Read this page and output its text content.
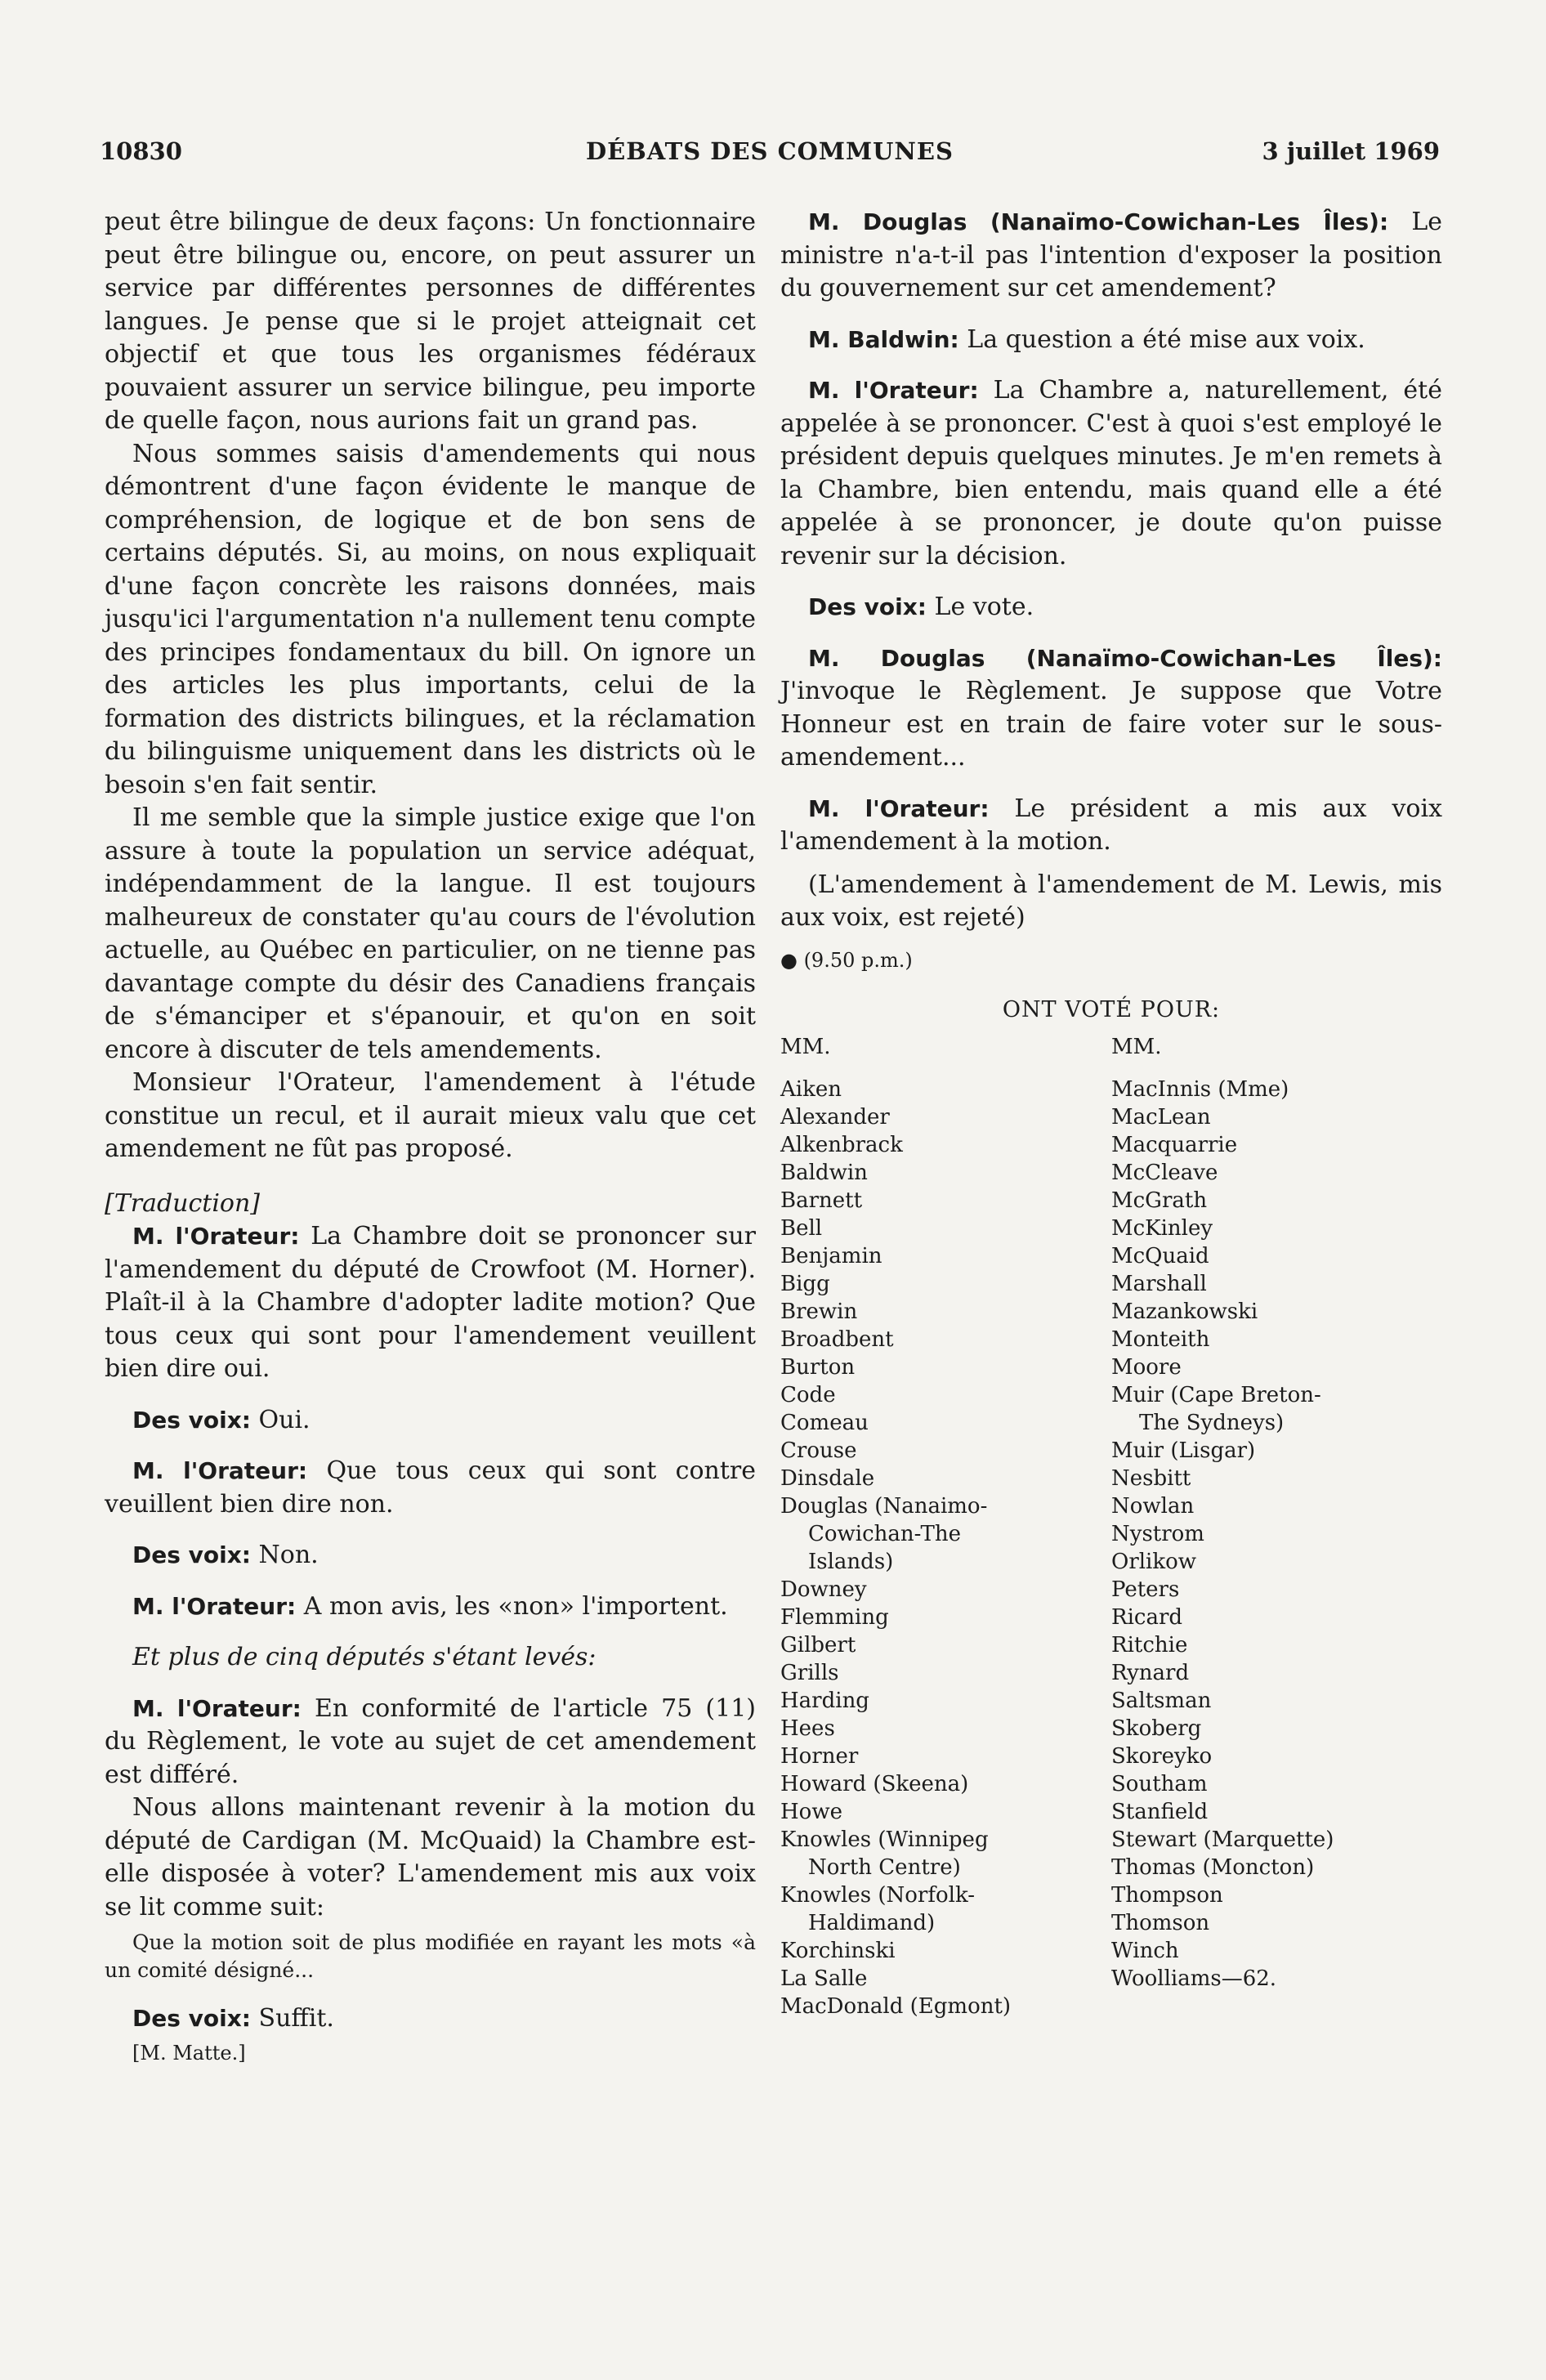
10830	DÉBATS DES COMMUNES	3 juillet 1969

peut être bilingue de deux façons: Un fonctionnaire peut être bilingue ou, encore, on peut assurer un service par différentes personnes de différentes langues. Je pense que si le projet atteignait cet objectif et que tous les organismes fédéraux pouvaient assurer un service bilingue, peu importe de quelle façon, nous aurions fait un grand pas.

Nous sommes saisis d'amendements qui nous démontrent d'une façon évidente le manque de compréhension, de logique et de bon sens de certains députés. Si, au moins, on nous expliquait d'une façon concrète les raisons données, mais jusqu'ici l'argumentation n'a nullement tenu compte des principes fondamentaux du bill. On ignore un des articles les plus importants, celui de la formation des districts bilingues, et la réclamation du bilinguisme uniquement dans les districts où le besoin s'en fait sentir.

Il me semble que la simple justice exige que l'on assure à toute la population un service adéquat, indépendamment de la langue. Il est toujours malheureux de constater qu'au cours de l'évolution actuelle, au Québec en particulier, on ne tienne pas davantage compte du désir des Canadiens français de s'émanciper et s'épanouir, et qu'on en soit encore à discuter de tels amendements.

Monsieur l'Orateur, l'amendement à l'étude constitue un recul, et il aurait mieux valu que cet amendement ne fût pas proposé.

[Traduction]

M. l'Orateur: La Chambre doit se prononcer sur l'amendement du député de Crowfoot (M. Horner). Plaît-il à la Chambre d'adopter ladite motion? Que tous ceux qui sont pour l'amendement veuillent bien dire oui.

Des voix: Oui.

M. l'Orateur: Que tous ceux qui sont contre veuillent bien dire non.

Des voix: Non.

M. l'Orateur: A mon avis, les «non» l'importent.

Et plus de cinq députés s'étant levés:

M. l'Orateur: En conformité de l'article 75 (11) du Règlement, le vote au sujet de cet amendement est différé.

Nous allons maintenant revenir à la motion du député de Cardigan (M. McQuaid) la Chambre est-elle disposée à voter? L'amendement mis aux voix se lit comme suit:

Que la motion soit de plus modifiée en rayant les mots «à un comité désigné...

Des voix: Suffit.

[M. Matte.]

M. Douglas (Nanaïmo-Cowichan-Les Îles): Le ministre n'a-t-il pas l'intention d'exposer la position du gouvernement sur cet amendement?

M. Baldwin: La question a été mise aux voix.

M. l'Orateur: La Chambre a, naturellement, été appelée à se prononcer. C'est à quoi s'est employé le président depuis quelques minutes. Je m'en remets à la Chambre, bien entendu, mais quand elle a été appelée à se prononcer, je doute qu'on puisse revenir sur la décision.

Des voix: Le vote.

M. Douglas (Nanaïmo-Cowichan-Les Îles): J'invoque le Règlement. Je suppose que Votre Honneur est en train de faire voter sur le sous-amendement...

M. l'Orateur: Le président a mis aux voix l'amendement à la motion.

(L'amendement à l'amendement de M. Lewis, mis aux voix, est rejeté)

● (9.50 p.m.)

ONT VOTÉ POUR:

MM.
Aiken
Alexander
Alkenbrack
Baldwin
Barnett
Bell
Benjamin
Bigg
Brewin
Broadbent
Burton
Code
Comeau
Crouse
Dinsdale
Douglas (Nanaimo-
Cowichan-The
Islands)
Downey
Flemming
Gilbert
Grills
Harding
Hees
Horner
Howard (Skeena)
Howe
Knowles (Winnipeg
North Centre)
Knowles (Norfolk-
Haldimand)
Korchinski
La Salle
MacDonald (Egmont)
MM.
MacInnis (Mme)
MacLean
Macquarrie
McCleave
McGrath
McKinley
McQuaid
Marshall
Mazankowski
Monteith
Moore
Muir (Cape Breton-
The Sydneys)
Muir (Lisgar)
Nesbitt
Nowlan
Nystrom
Orlikow
Peters
Ricard
Ritchie
Rynard
Saltsman
Skoberg
Skoreyko
Southam
Stanfield
Stewart (Marquette)
Thomas (Moncton)
Thompson
Thomson
Winch
Woolliams—62.
